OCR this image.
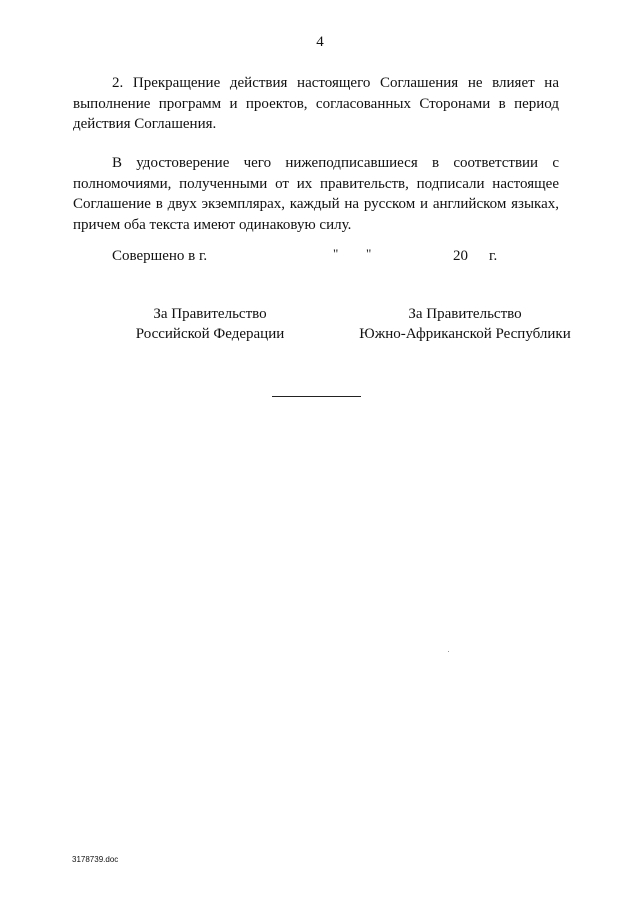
4

2. Прекращение действия настоящего Соглашения не влияет на выполнение программ и проектов, согласованных Сторонами в период действия Соглашения.

В удостоверение чего нижеподписавшиеся в соответствии с полномочиями, полученными от их правительств, подписали настоящее Соглашение в двух экземплярах, каждый на русском и английском языках, причем оба текста имеют одинаковую силу.

Совершено в г.	" "	20 г.
За Правительство
Российской Федерации
За Правительство
Южно-Африканской Республики
3178739.doc
